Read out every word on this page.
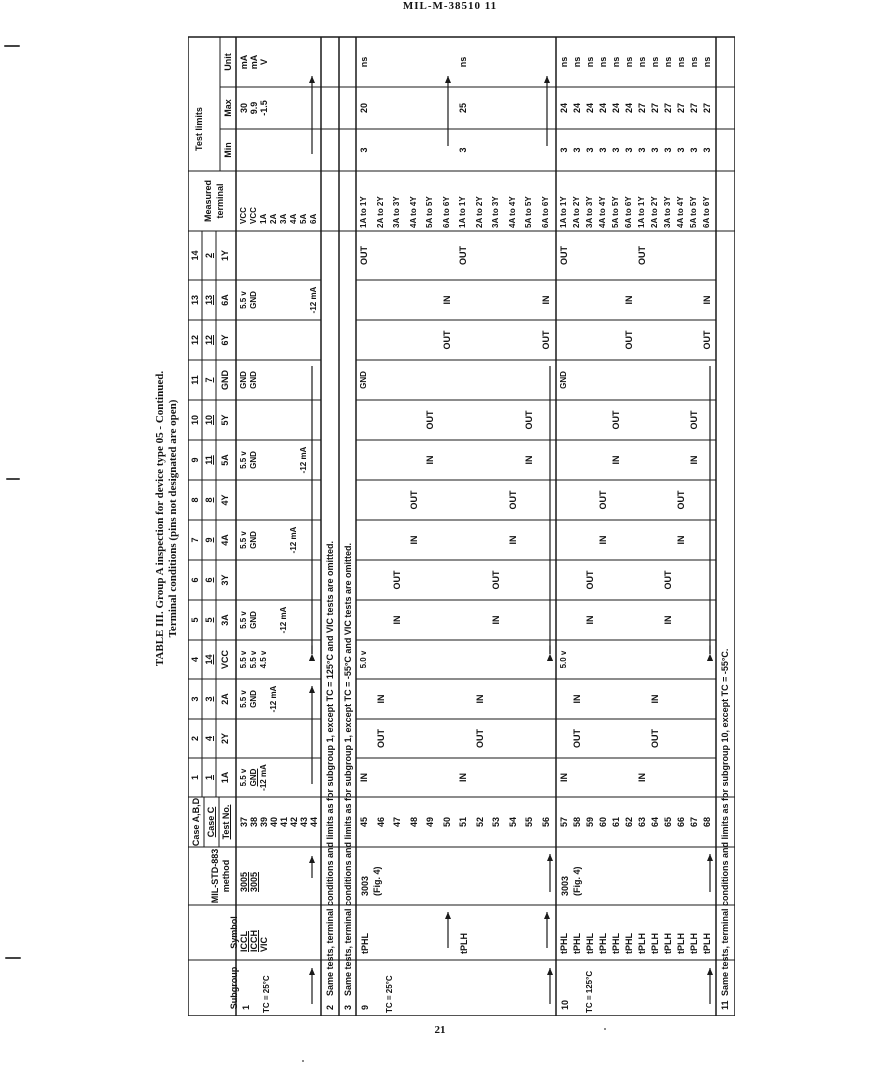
MIL-M-38510 11
TABLE III. Group A inspection for device type 05 - Continued. Terminal conditions (pins not designated are open)
Subgroup
Symbol
MIL-STD-883 method
Case A,B,D Case C Test No.
Measured terminal
Test limits Min
Max
Unit
1 1 1A
2 4 2Y
3 3 2A
4 14 VCC
5 5 3A
6 6 3Y
7 9 4A
8 8 4Y
9 11 5A
10 10 5Y
11 7 GND
12 12 6Y
13 13 6A
14 2 1Y
1 TC = 25°C
ICCL ICCH VIC
3005 3005
37 38 39 40 41 42 43 44
5.5 v
5.5 v
5.5 v
5.5 v
5.5 v
5.5 v
GND
5.5 v
GND
GND
5.5 v
GND
GND
GND
GND
GND
4.5 v
-12 mA
-12 mA
-12 mA
-12 mA
-12 mA
-12 mA
VCC VCC 1A 2A 3A 4A 5A 6A
30 9.9 -1.5
mA mA V
2
Same tests, terminal conditions and limits as for subgroup 1, except TC = 125°C and VIC tests are omitted.
3
Same tests, terminal conditions and limits as for subgroup 1, except TC = -55°C and VIC tests are omitted.
9 TC = 25°C
3003 (Fig. 4)
45
1A to 1Y
IN
OUT
46
2A to 2Y
IN
OUT
47
3A to 3Y
IN
OUT
48
4A to 4Y
IN
OUT
49
5A to 5Y
IN
OUT
50
6A to 6Y
IN
OUT
51
1A to 1Y
IN
OUT
52
2A to 2Y
IN
OUT
53
3A to 3Y
IN
OUT
54
4A to 4Y
IN
OUT
55
5A to 5Y
IN
OUT
56
6A to 6Y
IN
OUT
5.0 v
GND
tPHL	tPLH
3
20
ns
3
25
ns
10 TC = 125°C
3003 (Fig. 4)
57
1A to 1Y
tPHL
3
24
ns
IN
OUT
58
2A to 2Y
tPHL
3
24
ns
IN
OUT
59
3A to 3Y
tPHL
3
24
ns
IN
OUT
60
4A to 4Y
tPHL
3
24
ns
IN
OUT
61
5A to 5Y
tPHL
3
24
ns
IN
OUT
62
6A to 6Y
tPHL
3
24
ns
IN
OUT
63
1A to 1Y
tPLH
3
27
ns
IN
OUT
64
2A to 2Y
tPLH
3
27
ns
IN
OUT
65
3A to 3Y
tPLH
3
27
ns
IN
OUT
66
4A to 4Y
tPLH
3
27
ns
IN
OUT
67
5A to 5Y
tPLH
3
27
ns
IN
OUT
68
6A to 6Y
tPLH
3
27
ns
IN
OUT
5.0 v
GND
11
Same tests, terminal conditions and limits as for subgroup 10, except TC = -55°C.
21
